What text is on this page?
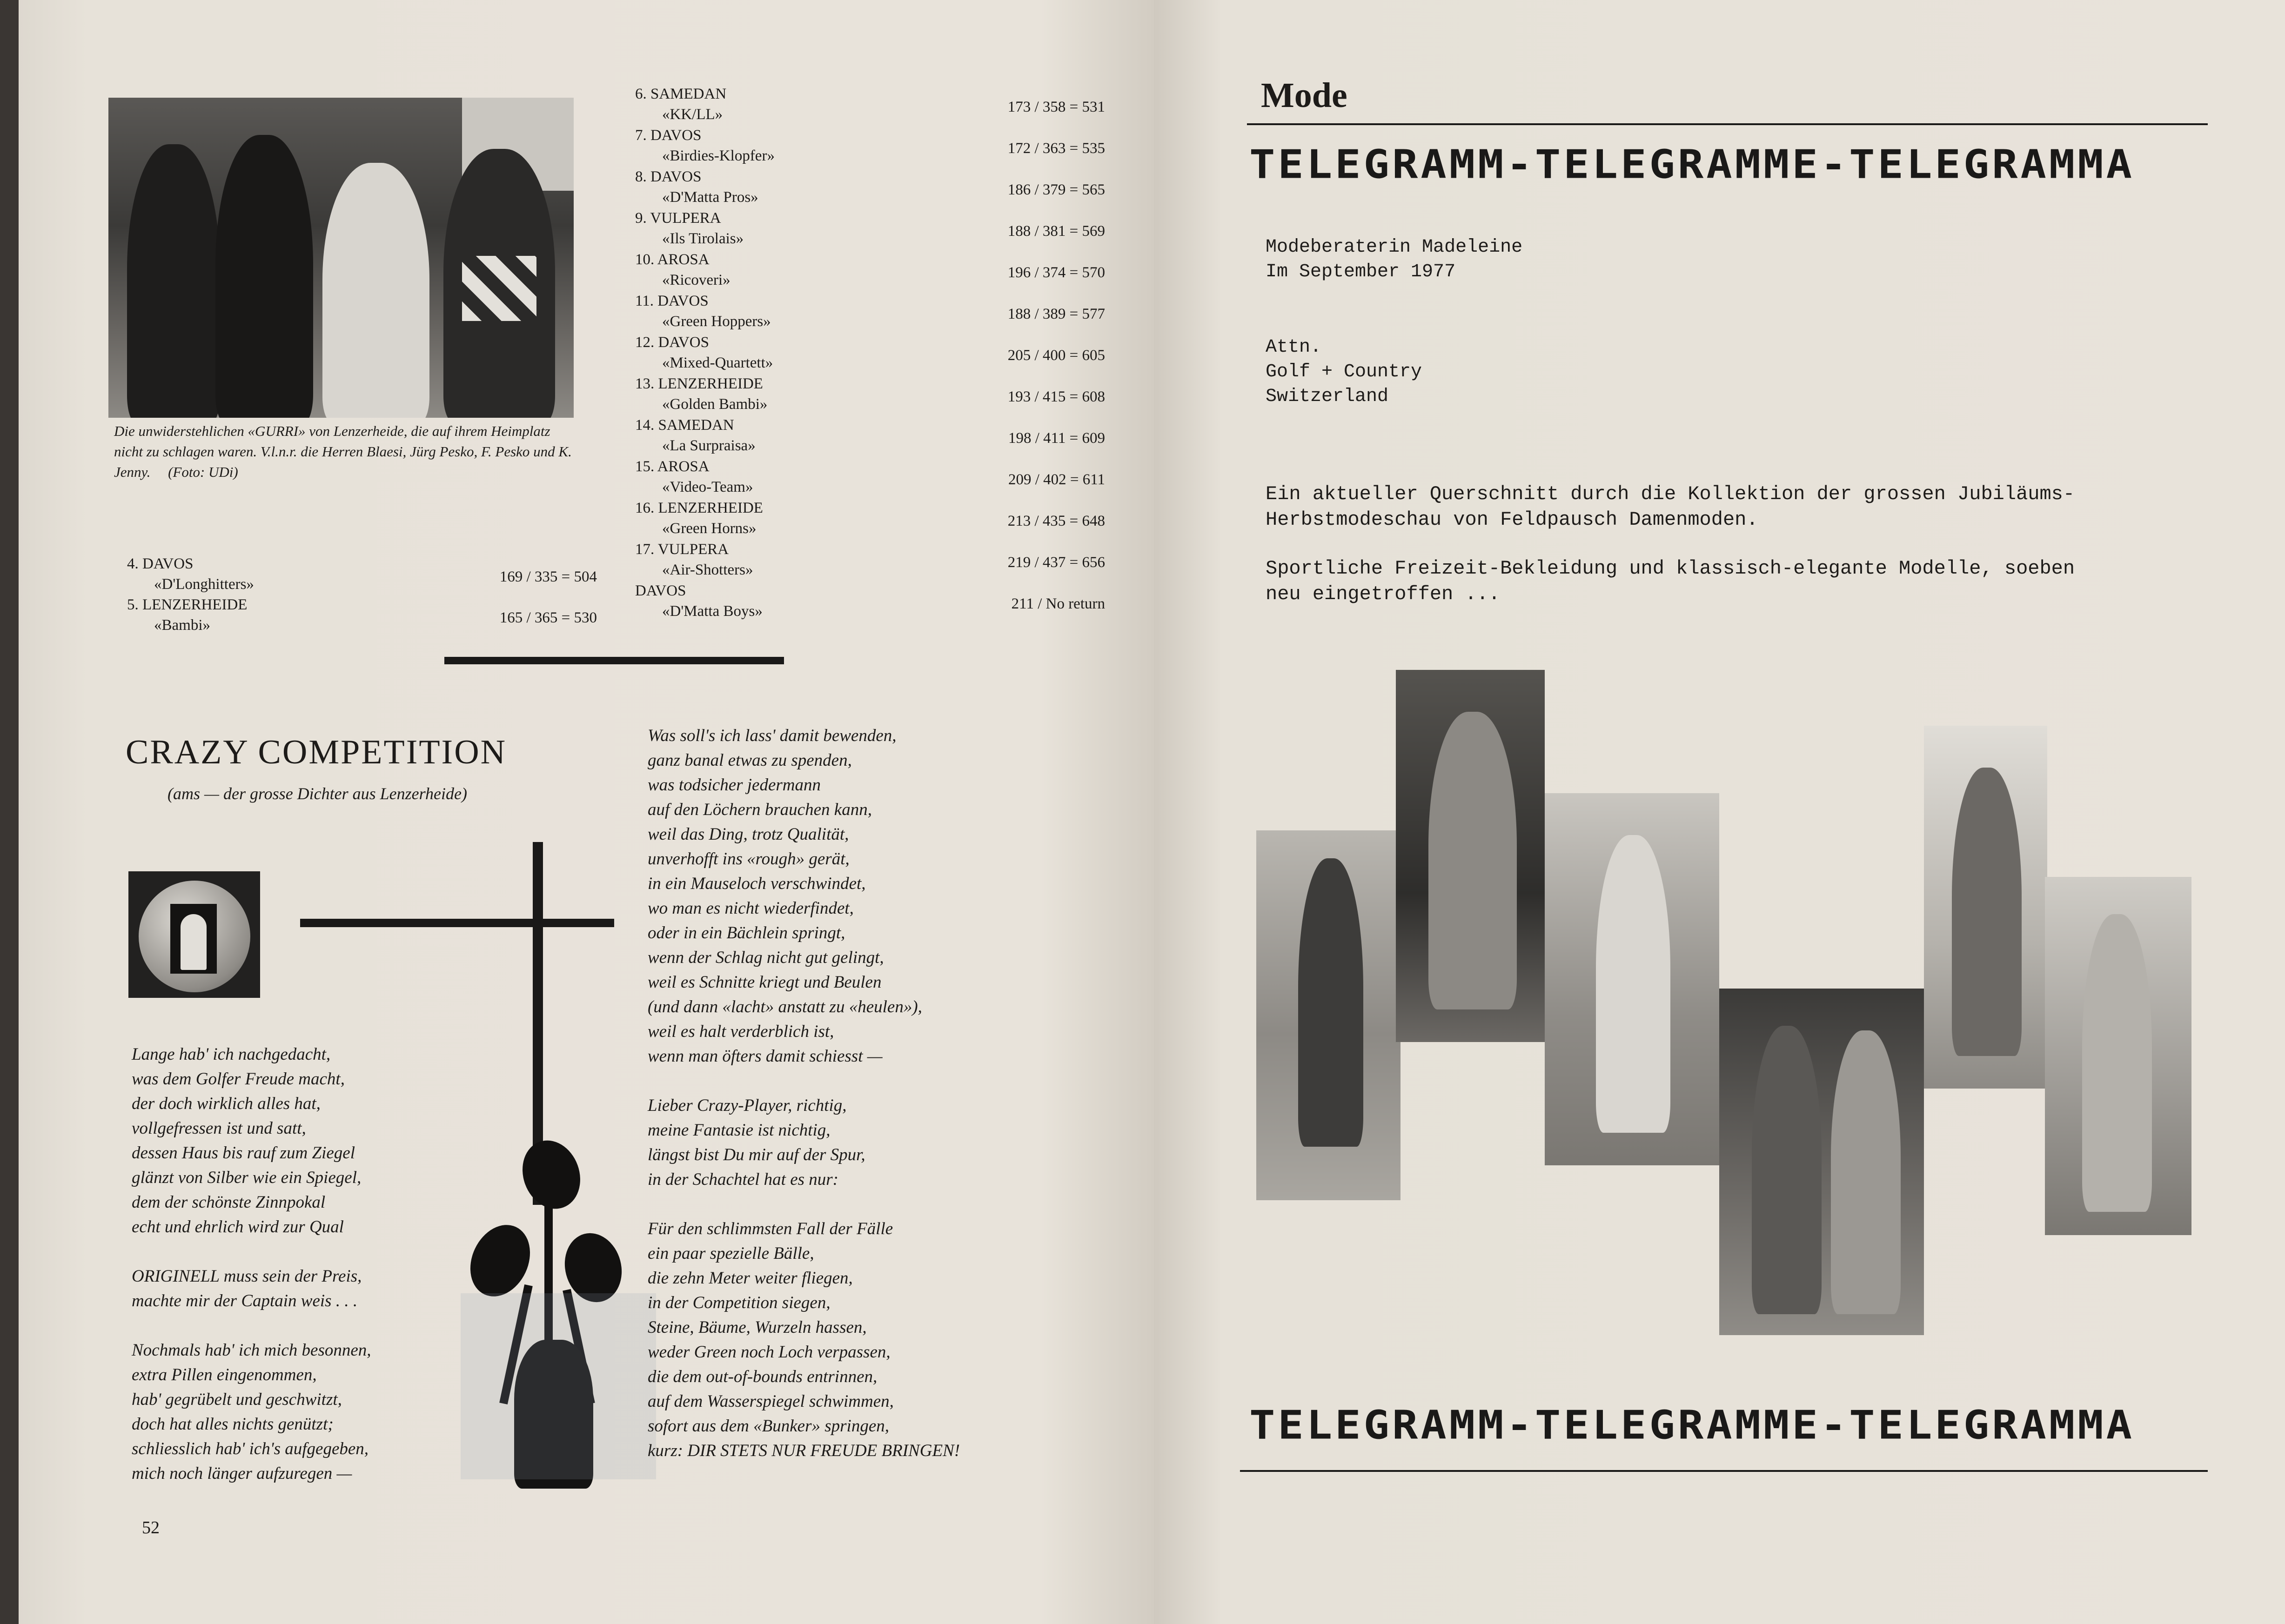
Die unwiderstehlichen «GURRI» von Lenzerheide, die auf ihrem Heimplatz nicht zu schlagen waren. V.l.n.r. die Herren Blaesi, Jürg Pesko, F. Pesko und K. Jenny. (Foto: UDi)
4. DAVOS
«D'Longhitters»	169 / 335 = 504
5. LENZERHEIDE
«Bambi»	165 / 365 = 530
6. SAMEDAN
«KK/LL»	173 / 358 = 531
7. DAVOS
«Birdies-Klopfer»	172 / 363 = 535
8. DAVOS
«D'Matta Pros»	186 / 379 = 565
9. VULPERA
«Ils Tirolais»	188 / 381 = 569
10. AROSA
«Ricoveri»	196 / 374 = 570
11. DAVOS
«Green Hoppers»	188 / 389 = 577
12. DAVOS
«Mixed-Quartett»	205 / 400 = 605
13. LENZERHEIDE
«Golden Bambi»	193 / 415 = 608
14. SAMEDAN
«La Surpraisa»	198 / 411 = 609
15. AROSA
«Video-Team»	209 / 402 = 611
16. LENZERHEIDE
«Green Horns»	213 / 435 = 648
17. VULPERA
«Air-Shotters»	219 / 437 = 656
DAVOS
«D'Matta Boys»	211 / No return
CRAZY COMPETITION
(ams — der grosse Dichter aus Lenzerheide)

Lange hab' ich nachgedacht,
was dem Golfer Freude macht,
der doch wirklich alles hat,
vollgefressen ist und satt,
dessen Haus bis rauf zum Ziegel
glänzt von Silber wie ein Spiegel,
dem der schönste Zinnpokal
echt und ehrlich wird zur Qual

ORIGINELL muss sein der Preis,
machte mir der Captain weis . . .

Nochmals hab' ich mich besonnen,
extra Pillen eingenommen,
hab' gegrübelt und geschwitzt,
doch hat alles nichts genützt;
schliesslich hab' ich's aufgegeben,
mich noch länger aufzuregen —

Was soll's ich lass' damit bewenden,
ganz banal etwas zu spenden,
was todsicher jedermann
auf den Löchern brauchen kann,
weil das Ding, trotz Qualität,
unverhofft ins «rough» gerät,
in ein Mauseloch verschwindet,
wo man es nicht wiederfindet,
oder in ein Bächlein springt,
wenn der Schlag nicht gut gelingt,
weil es Schnitte kriegt und Beulen
(und dann «lacht» anstatt zu «heulen»),
weil es halt verderblich ist,
wenn man öfters damit schiesst —

Lieber Crazy-Player, richtig,
meine Fantasie ist nichtig,
längst bist Du mir auf der Spur,
in der Schachtel hat es nur:

Für den schlimmsten Fall der Fälle
ein paar spezielle Bälle,
die zehn Meter weiter fliegen,
in der Competition siegen,
Steine, Bäume, Wurzeln hassen,
weder Green noch Loch verpassen,
die dem out-of-bounds entrinnen,
auf dem Wasserspiegel schwimmen,
sofort aus dem «Bunker» springen,
kurz: DIR STETS NUR FREUDE BRINGEN!

52
Mode
TELEGRAMM-TELEGRAMME-TELEGRAMMA
Modeberaterin Madeleine
Im September 1977
Attn.
Golf + Country
Switzerland

Ein aktueller Querschnitt durch die Kollektion der grossen Jubiläums-
Herbstmodeschau von Feldpausch Damenmoden.

Sportliche Freizeit-Bekleidung und klassisch-elegante Modelle, soeben
neu eingetroffen ...

TELEGRAMM-TELEGRAMME-TELEGRAMMA
